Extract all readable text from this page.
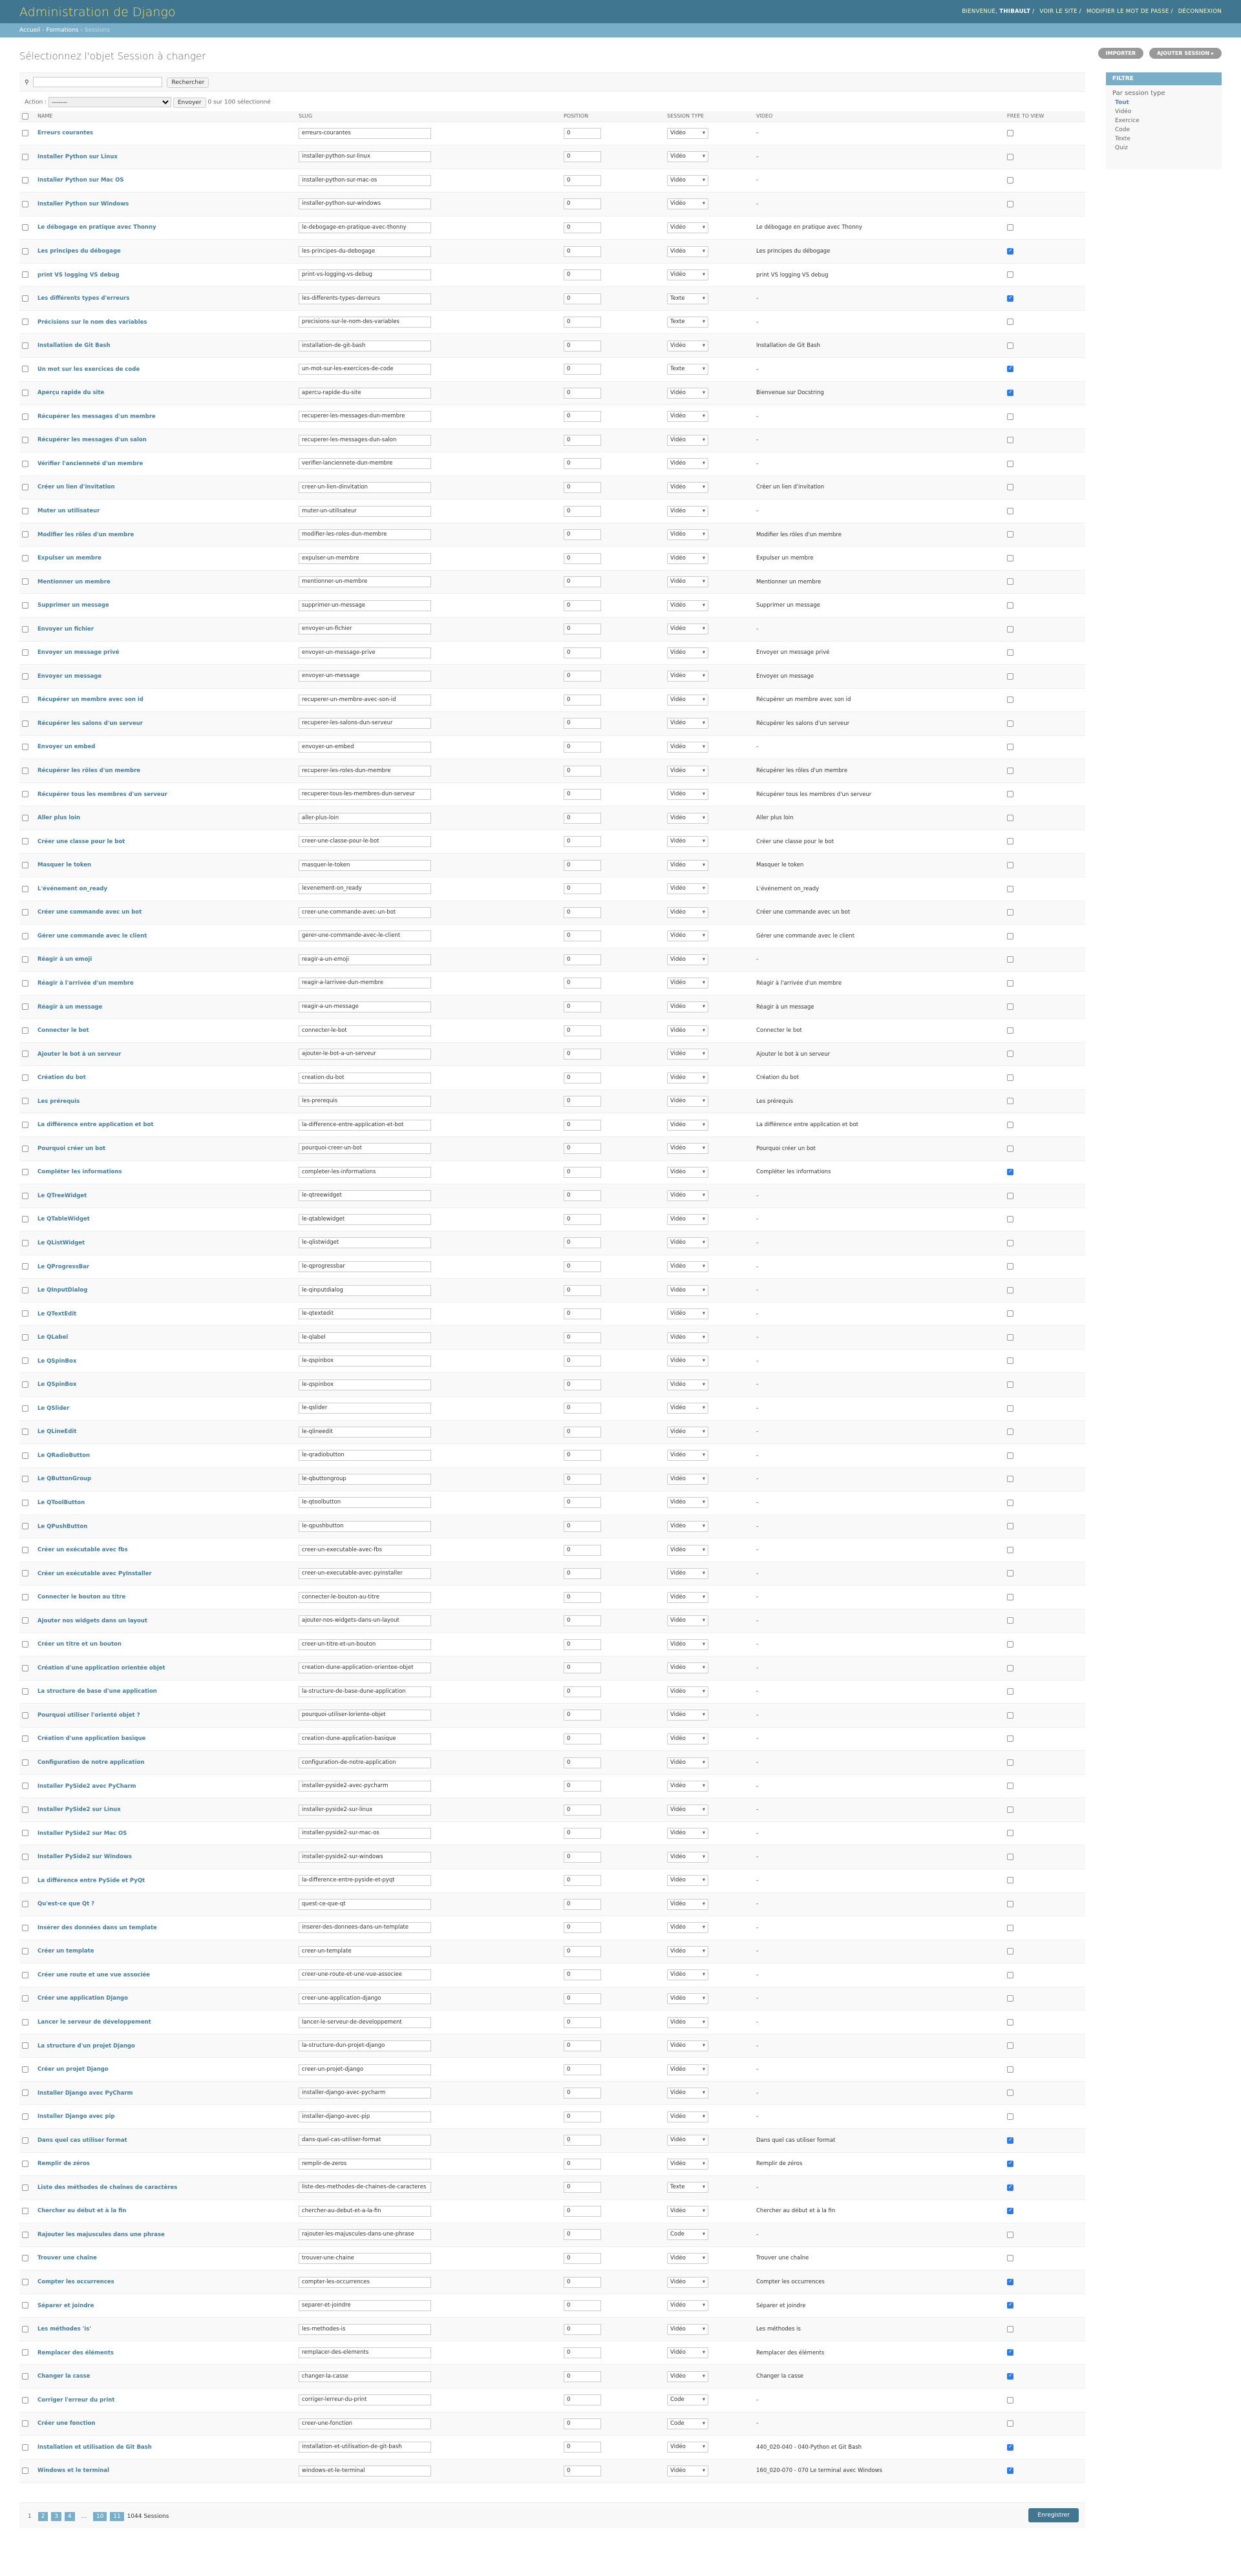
Administration de Django	BIENVENUE, THIBAULT / VOIR LE SITE / MODIFIER LE MOT DE PASSE / DÉCONNEXION
Accueil › Formations › Sessions
Sélectionnez l'objet Session à changer	IMPORTER	AJOUTER SESSION ▸
⚲	Rechercher
Action :
---------	Envoyer 0 sur 100 sélectionné
	NAME	SLUG	POSITION	SESSION TYPE	VIDEO	FREE TO VIEW
	Erreurs courantes	erreurs-courantes	0	Vidéo ▾	-	
	Installer Python sur Linux	installer-python-sur-linux	0	Vidéo ▾	-	
	Installer Python sur Mac OS	installer-python-sur-mac-os	0	Vidéo ▾	-	
	Installer Python sur Windows	installer-python-sur-windows	0	Vidéo ▾	-	
	Le débogage en pratique avec Thonny	le-debogage-en-pratique-avec-thonny	0	Vidéo ▾	Le débogage en pratique avec Thonny	
	Les principes du débogage	les-principes-du-debogage	0	Vidéo ▾	Les principes du débogage	✓
	print VS logging VS debug	print-vs-logging-vs-debug	0	Vidéo ▾	print VS logging VS debug	
	Les différents types d'erreurs	les-differents-types-derreurs	0	Texte ▾	-	✓
	Précisions sur le nom des variables	precisions-sur-le-nom-des-variables	0	Texte ▾	-	
	Installation de Git Bash	installation-de-git-bash	0	Vidéo ▾	Installation de Git Bash	
	Un mot sur les exercices de code	un-mot-sur-les-exercices-de-code	0	Texte ▾	-	✓
	Aperçu rapide du site	apercu-rapide-du-site	0	Vidéo ▾	Bienvenue sur Docstring	✓
	Récupérer les messages d'un membre	recuperer-les-messages-dun-membre	0	Vidéo ▾	-	
	Récupérer les messages d'un salon	recuperer-les-messages-dun-salon	0	Vidéo ▾	-	
	Vérifier l'ancienneté d'un membre	verifier-lanciennete-dun-membre	0	Vidéo ▾	-	
	Créer un lien d'invitation	creer-un-lien-dinvitation	0	Vidéo ▾	Créer un lien d'invitation	
	Muter un utilisateur	muter-un-utilisateur	0	Vidéo ▾	-	
	Modifier les rôles d'un membre	modifier-les-roles-dun-membre	0	Vidéo ▾	Modifier les rôles d'un membre	
	Expulser un membre	expulser-un-membre	0	Vidéo ▾	Expulser un membre	
	Mentionner un membre	mentionner-un-membre	0	Vidéo ▾	Mentionner un membre	
	Supprimer un message	supprimer-un-message	0	Vidéo ▾	Supprimer un message	
	Envoyer un fichier	envoyer-un-fichier	0	Vidéo ▾	-	
	Envoyer un message privé	envoyer-un-message-prive	0	Vidéo ▾	Envoyer un message privé	
	Envoyer un message	envoyer-un-message	0	Vidéo ▾	Envoyer un message	
	Récupérer un membre avec son id	recuperer-un-membre-avec-son-id	0	Vidéo ▾	Récupérer un membre avec son id	
	Récupérer les salons d'un serveur	recuperer-les-salons-dun-serveur	0	Vidéo ▾	Récupérer les salons d'un serveur	
	Envoyer un embed	envoyer-un-embed	0	Vidéo ▾	-	
	Récupérer les rôles d'un membre	recuperer-les-roles-dun-membre	0	Vidéo ▾	Récupérer les rôles d'un membre	
	Récupérer tous les membres d'un serveur	recuperer-tous-les-membres-dun-serveur	0	Vidéo ▾	Récupérer tous les membres d'un serveur	
	Aller plus loin	aller-plus-loin	0	Vidéo ▾	Aller plus loin	
	Créer une classe pour le bot	creer-une-classe-pour-le-bot	0	Vidéo ▾	Créer une classe pour le bot	
	Masquer le token	masquer-le-token	0	Vidéo ▾	Masquer le token	
	L'événement on_ready	levenement-on_ready	0	Vidéo ▾	L'événement on_ready	
	Créer une commande avec un bot	creer-une-commande-avec-un-bot	0	Vidéo ▾	Créer une commande avec un bot	
	Gérer une commande avec le client	gerer-une-commande-avec-le-client	0	Vidéo ▾	Gérer une commande avec le client	
	Réagir à un emoji	reagir-a-un-emoji	0	Vidéo ▾	-	
	Réagir à l'arrivée d'un membre	reagir-a-larrivee-dun-membre	0	Vidéo ▾	Réagir à l'arrivée d'un membre	
	Réagir à un message	reagir-a-un-message	0	Vidéo ▾	Réagir à un message	
	Connecter le bot	connecter-le-bot	0	Vidéo ▾	Connecter le bot	
	Ajouter le bot à un serveur	ajouter-le-bot-a-un-serveur	0	Vidéo ▾	Ajouter le bot à un serveur	
	Création du bot	creation-du-bot	0	Vidéo ▾	Création du bot	
	Les prérequis	les-prerequis	0	Vidéo ▾	Les prérequis	
	La différence entre application et bot	la-difference-entre-application-et-bot	0	Vidéo ▾	La différence entre application et bot	
	Pourquoi créer un bot	pourquoi-creer-un-bot	0	Vidéo ▾	Pourquoi créer un bot	
	Compléter les informations	completer-les-informations	0	Vidéo ▾	Compléter les informations	✓
	Le QTreeWidget	le-qtreewidget	0	Vidéo ▾	-	
	Le QTableWidget	le-qtablewidget	0	Vidéo ▾	-	
	Le QListWidget	le-qlistwidget	0	Vidéo ▾	-	
	Le QProgressBar	le-qprogressbar	0	Vidéo ▾	-	
	Le QInputDialog	le-qinputdialog	0	Vidéo ▾	-	
	Le QTextEdit	le-qtextedit	0	Vidéo ▾	-	
	Le QLabel	le-qlabel	0	Vidéo ▾	-	
	Le QSpinBox	le-qspinbox	0	Vidéo ▾	-	
	Le QSpinBox	le-qspinbox	0	Vidéo ▾	-	
	Le QSlider	le-qslider	0	Vidéo ▾	-	
	Le QLineEdit	le-qlineedit	0	Vidéo ▾	-	
	Le QRadioButton	le-qradiobutton	0	Vidéo ▾	-	
	Le QButtonGroup	le-qbuttongroup	0	Vidéo ▾	-	
	Le QToolButton	le-qtoolbutton	0	Vidéo ▾	-	
	Le QPushButton	le-qpushbutton	0	Vidéo ▾	-	
	Créer un exécutable avec fbs	creer-un-executable-avec-fbs	0	Vidéo ▾	-	
	Créer un exécutable avec PyInstaller	creer-un-executable-avec-pyinstaller	0	Vidéo ▾	-	
	Connecter le bouton au titre	connecter-le-bouton-au-titre	0	Vidéo ▾	-	
	Ajouter nos widgets dans un layout	ajouter-nos-widgets-dans-un-layout	0	Vidéo ▾	-	
	Créer un titre et un bouton	creer-un-titre-et-un-bouton	0	Vidéo ▾	-	
	Création d'une application orientée objet	creation-dune-application-orientee-objet	0	Vidéo ▾	-	
	La structure de base d'une application	la-structure-de-base-dune-application	0	Vidéo ▾	-	
	Pourquoi utiliser l'orienté objet ?	pourquoi-utiliser-loriente-objet	0	Vidéo ▾	-	
	Création d'une application basique	creation-dune-application-basique	0	Vidéo ▾	-	
	Configuration de notre application	configuration-de-notre-application	0	Vidéo ▾	-	
	Installer PySide2 avec PyCharm	installer-pyside2-avec-pycharm	0	Vidéo ▾	-	
	Installer PySide2 sur Linux	installer-pyside2-sur-linux	0	Vidéo ▾	-	
	Installer PySide2 sur Mac OS	installer-pyside2-sur-mac-os	0	Vidéo ▾	-	
	Installer PySide2 sur Windows	installer-pyside2-sur-windows	0	Vidéo ▾	-	
	La différence entre PySide et PyQt	la-difference-entre-pyside-et-pyqt	0	Vidéo ▾	-	
	Qu'est-ce que Qt ?	quest-ce-que-qt	0	Vidéo ▾	-	
	Insérer des données dans un template	inserer-des-donnees-dans-un-template	0	Vidéo ▾	-	
	Créer un template	creer-un-template	0	Vidéo ▾	-	
	Créer une route et une vue associée	creer-une-route-et-une-vue-associee	0	Vidéo ▾	-	
	Créer une application Django	creer-une-application-django	0	Vidéo ▾	-	
	Lancer le serveur de développement	lancer-le-serveur-de-developpement	0	Vidéo ▾	-	
	La structure d'un projet Django	la-structure-dun-projet-django	0	Vidéo ▾	-	
	Créer un projet Django	creer-un-projet-django	0	Vidéo ▾	-	
	Installer Django avec PyCharm	installer-django-avec-pycharm	0	Vidéo ▾	-	
	Installer Django avec pip	installer-django-avec-pip	0	Vidéo ▾	-	
	Dans quel cas utiliser format	dans-quel-cas-utiliser-format	0	Vidéo ▾	Dans quel cas utiliser format	✓
	Remplir de zéros	remplir-de-zeros	0	Vidéo ▾	Remplir de zéros	✓
	Liste des méthodes de chaînes de caractères	liste-des-methodes-de-chaines-de-caracteres	0	Texte ▾	-	✓
	Chercher au début et à la fin	chercher-au-debut-et-a-la-fin	0	Vidéo ▾	Chercher au début et à la fin	✓
	Rajouter les majuscules dans une phrase	rajouter-les-majuscules-dans-une-phrase	0	Code ▾	-	
	Trouver une chaîne	trouver-une-chaine	0	Vidéo ▾	Trouver une chaîne	
	Compter les occurrences	compter-les-occurrences	0	Vidéo ▾	Compter les occurrences	✓
	Séparer et joindre	separer-et-joindre	0	Vidéo ▾	Séparer et joindre	✓
	Les méthodes 'is'	les-methodes-is	0	Vidéo ▾	Les méthodes is	
	Remplacer des éléments	remplacer-des-elements	0	Vidéo ▾	Remplacer des éléments	✓
	Changer la casse	changer-la-casse	0	Vidéo ▾	Changer la casse	✓
	Corriger l'erreur du print	corriger-lerreur-du-print	0	Code ▾	-	
	Créer une fonction	creer-une-fonction	0	Code ▾	-	
	Installation et utilisation de Git Bash	installation-et-utilisation-de-git-bash	0	Vidéo ▾	440_020-040 - 040-Python et Git Bash	✓
	Windows et le terminal	windows-et-le-terminal	0	Vidéo ▾	160_020-070 - 070 Le terminal avec Windows	✓
FILTRE
Par session type
Tout
Vidéo
Exercice
Code
Texte
Quiz
1 2 3 4 ... 10 11 1044 Sessions	Enregistrer
